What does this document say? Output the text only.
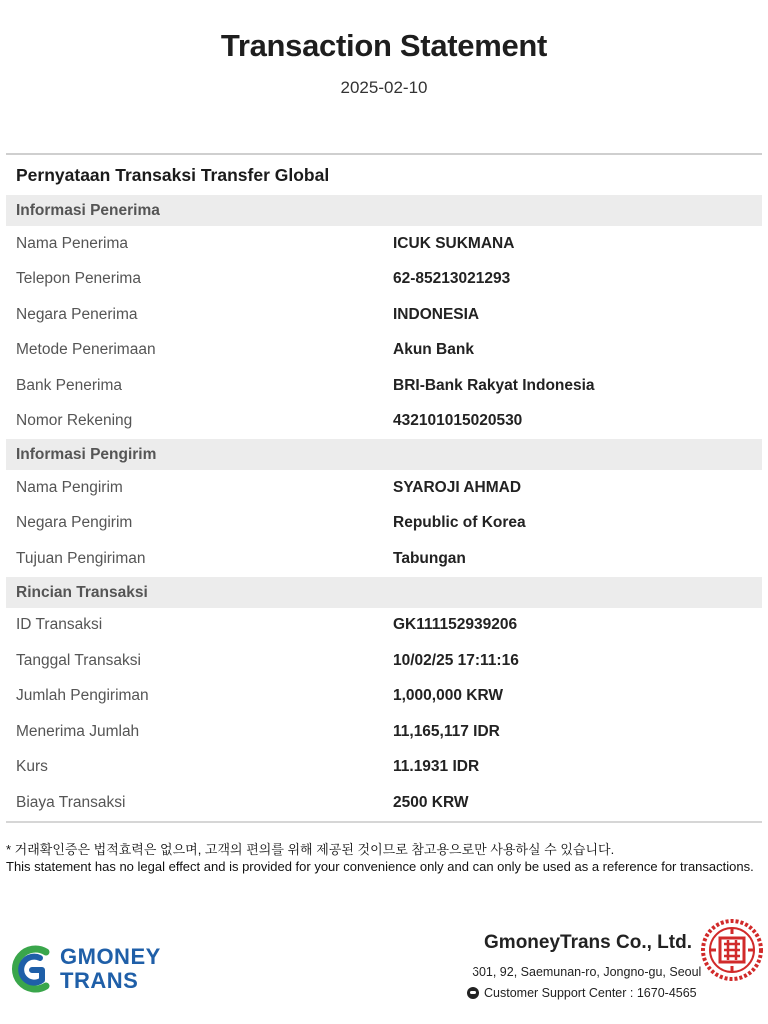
Transaction Statement
2025-02-10
Pernyataan Transaksi Transfer Global
Informasi Penerima
Nama Penerima	ICUK SUKMANA
Telepon Penerima	62-85213021293
Negara Penerima	INDONESIA
Metode Penerimaan	Akun Bank
Bank Penerima	BRI-Bank Rakyat Indonesia
Nomor Rekening	432101015020530
Informasi Pengirim
Nama Pengirim	SYAROJI AHMAD
Negara Pengirim	Republic of Korea
Tujuan Pengiriman	Tabungan
Rincian Transaksi
ID Transaksi	GK111152939206
Tanggal Transaksi	10/02/25 17:11:16
Jumlah Pengiriman	1,000,000 KRW
Menerima Jumlah	11,165,117 IDR
Kurs	11.1931 IDR
Biaya Transaksi	2500 KRW
* 거래확인증은 법적효력은 없으며, 고객의 편의를 위해 제공된 것이므로 참고용으로만 사용하실 수 있습니다.
This statement has no legal effect and is provided for your convenience only and can only be used as a reference for transactions.
GMONEY
TRANS
GmoneyTrans Co., Ltd.
601, 92, Saemunan-ro, Jongno-gu, Seoul
Customer Support Center : 1670-4565
